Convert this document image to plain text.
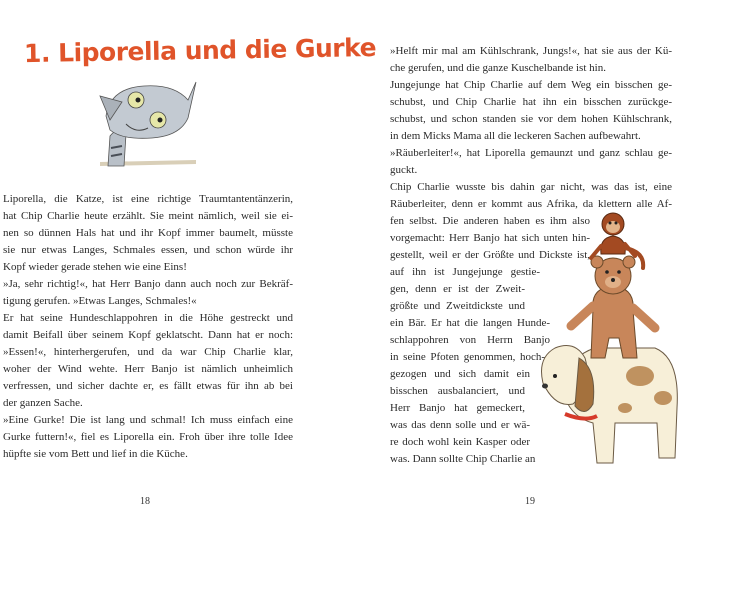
1. Liporella und die Gurke

Liporella, die Katze, ist eine richtige Traumtantentänzerin,

hat Chip Charlie heute erzählt. Sie meint nämlich, weil sie ei-

nen so dünnen Hals hat und ihr Kopf immer baumelt, müsste

sie nur etwas Langes, Schmales essen, und schon würde ihr

Kopf wieder gerade stehen wie eine Eins!

»Ja, sehr richtig!«, hat Herr Banjo dann auch noch zur Bekräf-

tigung gerufen. »Etwas Langes, Schmales!«

Er hat seine Hundeschlappohren in die Höhe gestreckt und

damit Beifall über seinem Kopf geklatscht. Dann hat er noch:

»Essen!«, hinterhergerufen, und da war Chip Charlie klar,

woher der Wind wehte. Herr Banjo ist nämlich unheimlich

verfressen, und sicher dachte er, es fällt etwas für ihn ab bei

der ganzen Sache.

»Eine Gurke! Die ist lang und schmal! Ich muss einfach eine

Gurke futtern!«, fiel es Liporella ein. Froh über ihre tolle Idee

hüpfte sie vom Bett und lief in die Küche.

18

»Helft mir mal am Kühlschrank, Jungs!«, hat sie aus der Kü-

che gerufen, und die ganze Kuschelbande ist hin.

Jungejunge hat Chip Charlie auf dem Weg ein bisschen ge-

schubst, und Chip Charlie hat ihn ein bisschen zurückge-

schubst, und schon standen sie vor dem hohen Kühlschrank,

in dem Micks Mama all die leckeren Sachen aufbewahrt.

»Räuberleiter!«, hat Liporella gemaunzt und ganz schlau ge-

guckt.

Chip Charlie wusste bis dahin gar nicht, was das ist, eine

Räuberleiter, denn er kommt aus Afrika, da klettern alle Af-

fen selbst. Die anderen haben es ihm also

vorgemacht: Herr Banjo hat sich unten hin-

gestellt, weil er der Größte und Dickste ist,

auf ihn ist Jungejunge gestie-

gen, denn er ist der Zweit-

größte und Zweitdickste und

ein Bär. Er hat die langen Hunde-

schlappohren von Herrn Banjo

in seine Pfoten genommen, hoch-

gezogen und sich damit ein

bisschen ausbalanciert, und

Herr Banjo hat gemeckert,

was das denn solle und er wä-

re doch wohl kein Kasper oder

was. Dann sollte Chip Charlie an

19
